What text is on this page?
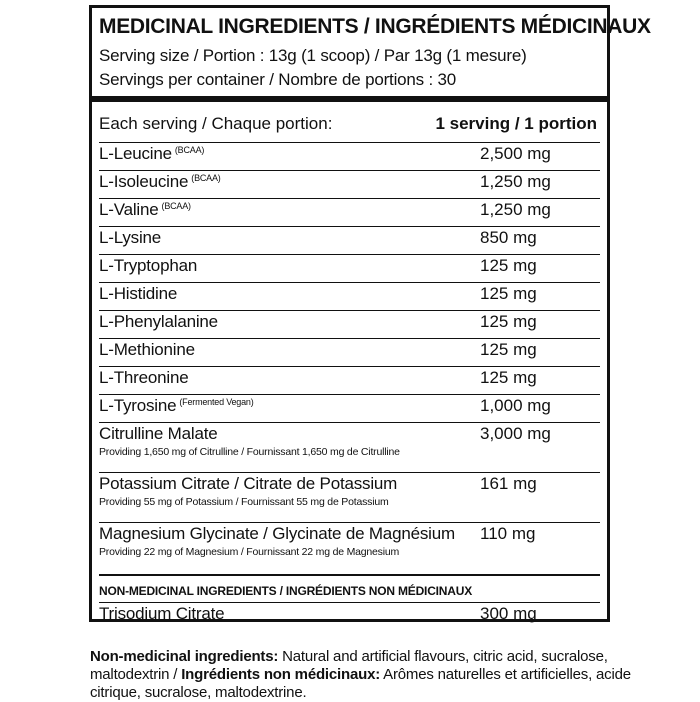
MEDICINAL INGREDIENTS / INGRÉDIENTS MÉDICINAUX
Serving size / Portion : 13g (1 scoop) / Par 13g (1 mesure)
Servings per container / Nombre de portions : 30
Each serving / Chaque portion:	1 serving / 1 portion
L-Leucine $^{(BCAA)}$	2,500 mg
L-Isoleucine $^{(BCAA)}$	1,250 mg
L-Valine $^{(BCAA)}$	1,250 mg
L-Lysine	850 mg
L-Tryptophan	125 mg
L-Histidine	125 mg
L-Phenylalanine	125 mg
L-Methionine	125 mg
L-Threonine	125 mg
L-Tyrosine $^{(Fermented Vegan)}$	1,000 mg
Citrulline Malate	3,000 mg
Providing 1,650 mg of Citrulline / Fournissant 1,650 mg de Citrulline
Potassium Citrate / Citrate de Potassium	161 mg
Providing 55 mg of Potassium / Fournissant 55 mg de Potassium
Magnesium Glycinate / Glycinate de Magnésium 110 mg
Providing 22 mg of Magnesium / Fournissant 22 mg de Magnesium
NON-MEDICINAL INGREDIENTS / INGRÉDIENTS NON MÉDICINAUX
Trisodium Citrate	300 mg
Non-medicinal ingredients: Natural and artificial flavours, citric acid, sucralose, maltodextrin / Ingrédients non médicinaux: Arômes naturelles et artificielles, acide citrique, sucralose, maltodextrine.
